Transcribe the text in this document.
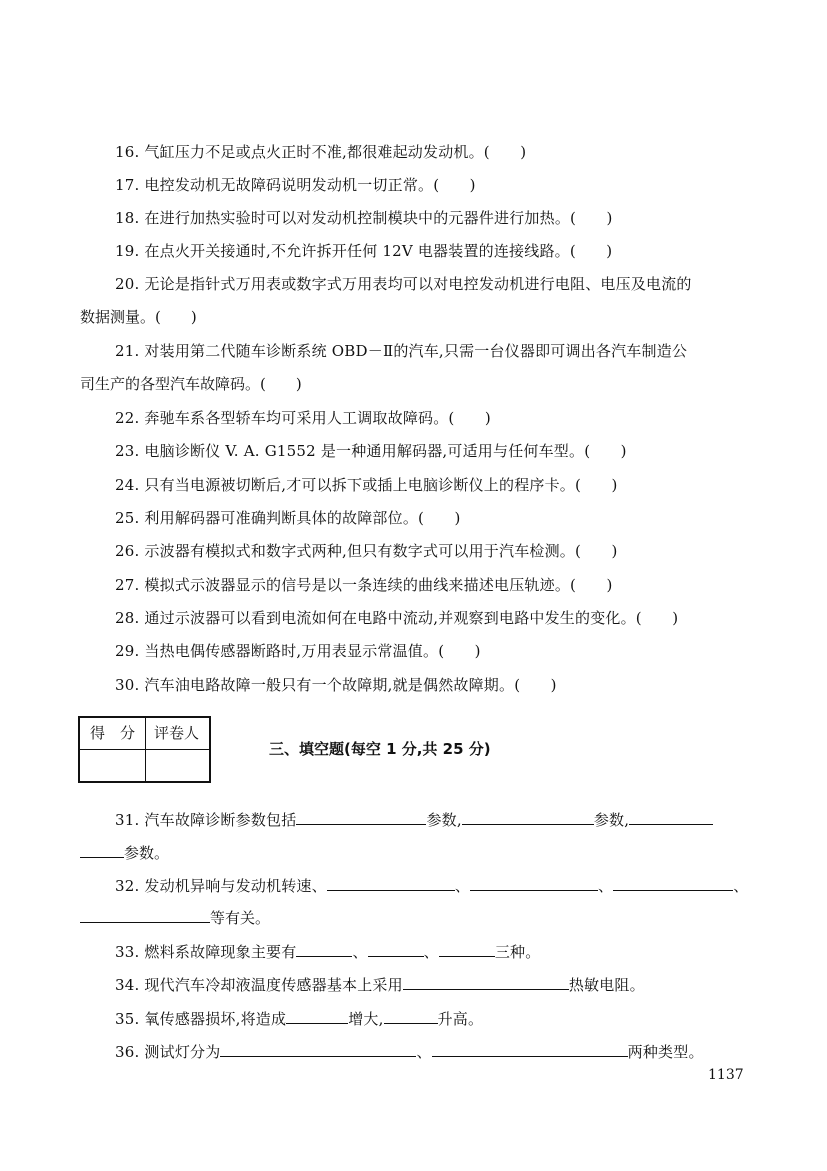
16. 气缸压力不足或点火正时不准,都很难起动发动机。(　　)
17. 电控发动机无故障码说明发动机一切正常。(　　)
18. 在进行加热实验时可以对发动机控制模块中的元器件进行加热。(　　)
19. 在点火开关接通时,不允许拆开任何 12V 电器装置的连接线路。(　　)
20. 无论是指针式万用表或数字式万用表均可以对电控发动机进行电阻、电压及电流的
数据测量。(　　)
21. 对装用第二代随车诊断系统 OBD－Ⅱ的汽车,只需一台仪器即可调出各汽车制造公
司生产的各型汽车故障码。(　　)
22. 奔驰车系各型轿车均可采用人工调取故障码。(　　)
23. 电脑诊断仪 V. A. G1552 是一种通用解码器,可适用与任何车型。(　　)
24. 只有当电源被切断后,才可以拆下或插上电脑诊断仪上的程序卡。(　　)
25. 利用解码器可准确判断具体的故障部位。(　　)
26. 示波器有模拟式和数字式两种,但只有数字式可以用于汽车检测。(　　)
27. 模拟式示波器显示的信号是以一条连续的曲线来描述电压轨迹。(　　)
28. 通过示波器可以看到电流如何在电路中流动,并观察到电路中发生的变化。(　　)
29. 当热电偶传感器断路时,万用表显示常温值。(　　)
30. 汽车油电路故障一般只有一个故障期,就是偶然故障期。(　　)
得　分 评卷人
三、填空题(每空 1 分,共 25 分)
31. 汽车故障诊断参数包括	参数,	参数,
参数。
32. 发动机异响与发动机转速、	、	、	、
等有关。
33. 燃料系故障现象主要有	、	、	三种。
34. 现代汽车冷却液温度传感器基本上采用	热敏电阻。
35. 氧传感器损坏,将造成	增大,	升高。
36. 测试灯分为	、	两种类型。
1137
